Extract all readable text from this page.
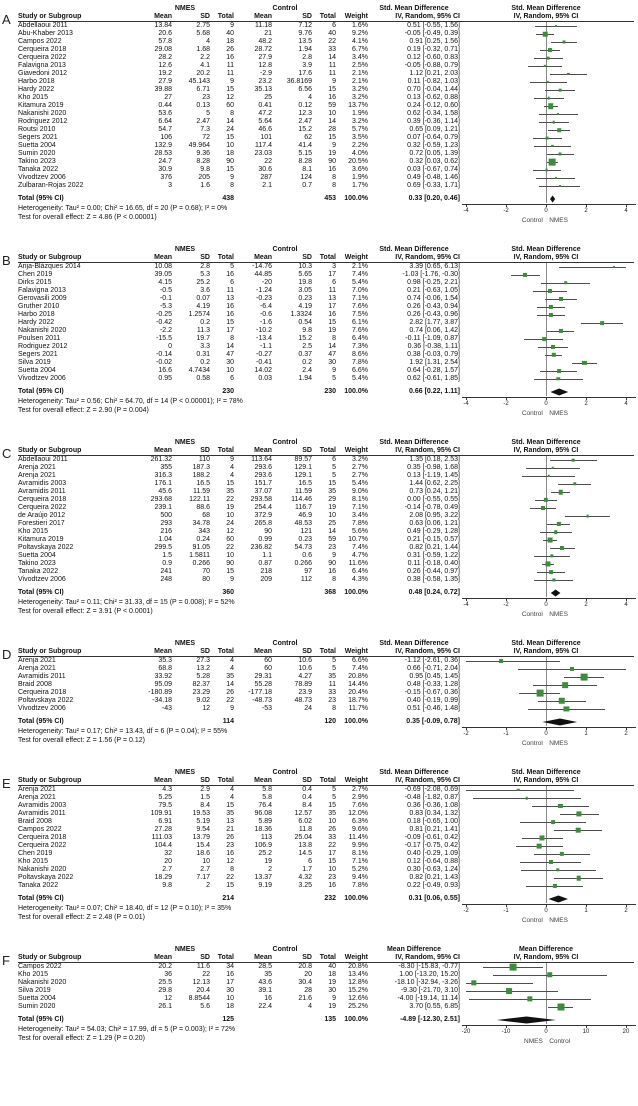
A
NMES	Control	Std. Mean Difference	Std. Mean Difference
Study or Subgroup	Mean	SD	Total	Mean	SD	Total	Weight	IV, Random, 95% CI	IV, Random, 95% CI
Abdellaoui 2011	13.84	2.75	9	11.18	7.12	6	1.6%	0.51 [-0.55, 1.56]
Abu-Khaber 2013	20.6	5.68	40	21	9.76	40	9.2%	-0.05 [-0.49, 0.39]
Campos 2022	57.8	4	18	48.2	13.5	22	4.1%	0.91 [0.25, 1.56]
Cerqueira 2018	29.08	1.68	26	28.72	1.94	33	6.7%	0.19 [-0.32, 0.71]
Cerqueira 2022	28.2	2.2	16	27.9	2.8	14	3.4%	0.12 [-0.60, 0.83]
Falavigna 2013	12.6	4.1	11	12.8	3.9	11	2.5%	-0.05 [-0.88, 0.79]
Giavedoni 2012	19.2	20.2	11	-2.9	17.6	11	2.1%	1.12 [0.21, 2.03]
Harbo 2018	27.9	45.143	9	23.2	36.8169	9	2.1%	0.11 [-0.82, 1.03]
Hardy 2022	39.88	6.71	15	35.13	6.56	15	3.2%	0.70 [-0.04, 1.44]
Kho 2015	27	23	12	25	4	16	3.2%	0.13 [-0.62, 0.88]
Kitamura 2019	0.44	0.13	60	0.41	0.12	59	13.7%	0.24 [-0.12, 0.60]
Nakanishi 2020	53.6	5	8	47.2	12.3	10	1.9%	0.62 [-0.34, 1.58]
Rodriguez 2012	6.64	2.47	14	5.64	2.47	14	3.2%	0.39 [-0.36, 1.14]
Routsi 2010	54.7	7.3	24	46.6	15.2	28	5.7%	0.65 [0.09, 1.21]
Segers 2021	106	72	15	101	62	15	3.5%	0.07 [-0.64, 0.79]
Suetta 2004	132.9	49.964	10	117.4	41.4	9	2.2%	0.32 [-0.59, 1.23]
Sumin 2020	28.53	9.36	18	23.03	5.15	19	4.0%	0.72 [0.05, 1.39]
Takino 2023	24.7	8.28	90	22	8.28	90	20.5%	0.32 [0.03, 0.62]
Tanaka 2022	30.9	9.8	15	30.6	8.1	16	3.6%	0.03 [-0.67, 0.74]
Vivodtzev 2006	376	205	9	287	124	8	1.9%	0.49 [-0.48, 1.46]
Zulbaran-Rojas 2022	3	1.6	8	2.1	0.7	8	1.7%	0.69 [-0.33, 1.71]
Total (95% CI)	438	453	100.0%	0.33 [0.20, 0.46]
Heterogeneity: Tau² = 0.00; Chi² = 16.65, df = 20 (P = 0.68); I² = 0%
Test for overall effect: Z = 4.86 (P < 0.00001)
-4	-2	0	2	4
Control NMES
B
NMES	Control	Std. Mean Difference	Std. Mean Difference
Study or Subgroup	Mean	SD	Total	Mean	SD	Total	Weight	IV, Random, 95% CI	IV, Random, 95% CI
Arija-Blázques 2014	10.08	2.8	5	-14.76	10.3	3	2.1%	3.39 [0.65, 6.13]
Chen 2019	39.05	5.3	16	44.85	5.65	17	7.4%	-1.03 [-1.76, -0.30]
Dirks 2015	4.15	25.2	6	-20	19.8	6	5.4%	0.98 [-0.25, 2.21]
Falavigna 2013	-0.5	3.6	11	-1.24	3.05	11	7.0%	0.21 [-0.63, 1.05]
Gerovasili 2009	-0.1	0.07	13	-0.23	0.23	13	7.1%	0.74 [-0.06, 1.54]
Gruther 2010	-5.3	4.19	16	-6.4	4.19	17	7.6%	0.26 [-0.43, 0.94]
Harbo 2018	-0.25	1.2574	16	-0.6	1.3324	16	7.5%	0.26 [-0.43, 0.96]
Hardy 2022	-0.42	0.2	15	-1.6	0.54	15	6.1%	2.82 [1.77, 3.87]
Nakanishi 2020	-2.2	11.3	17	-10.2	9.8	19	7.6%	0.74 [0.06, 1.42]
Poulsen 2011	-15.5	19.7	8	-13.4	15.2	8	6.4%	-0.11 [-1.09, 0.87]
Rodriguez 2012	0	3.3	14	-1.1	2.5	14	7.3%	0.36 [-0.38, 1.11]
Segers 2021	-0.14	0.31	47	-0.27	0.37	47	8.6%	0.38 [-0.03, 0.79]
Silva 2019	-0.02	0.2	30	-0.41	0.2	30	7.8%	1.92 [1.31, 2.54]
Suetta 2004	16.6	4.7434	10	14.02	2.4	9	6.6%	0.64 [-0.28, 1.57]
Vivodtzev 2006	0.95	0.58	6	0.03	1.94	5	5.4%	0.62 [-0.61, 1.85]
Total (95% CI)	230	230	100.0%	0.66 [0.22, 1.11]
Heterogeneity: Tau² = 0.56; Chi² = 64.70, df = 14 (P < 0.00001); I² = 78%
Test for overall effect: Z = 2.90 (P = 0.004)
-4	-2	0	2	4
Control NMES
C
NMES	Control	Std. Mean Difference	Std. Mean Difference
Study or Subgroup	Mean	SD	Total	Mean	SD	Total	Weight	IV, Random, 95% CI	IV, Random, 95% CI
Abdellaoui 2011	261.32	110	9	113.64	89.57	6	3.2%	1.35 [0.18, 2.53]
Arenja 2021	355	187.3	4	293.6	129.1	5	2.7%	0.35 [-0.98, 1.68]
Arenja 2021	316.3	188.2	4	293.6	129.1	5	2.7%	0.13 [-1.19, 1.45]
Avramidis 2003	176.1	16.5	15	151.7	16.5	15	5.4%	1.44 [0.62, 2.25]
Avramidis 2011	45.6	11.59	35	37.07	11.59	35	9.0%	0.73 [0.24, 1.21]
Cerqueira 2018	293.68	122.11	22	293.58	114.46	29	8.1%	0.00 [-0.55, 0.55]
Cerqueira 2022	239.1	88.6	19	254.4	116.7	19	7.1%	-0.14 [-0.78, 0.49]
de Araújo 2012	500	68	10	372.9	46.9	10	3.4%	2.08 [0.95, 3.22]
Forestieri 2017	293	34.78	24	265.8	48.53	25	7.8%	0.63 [0.06, 1.21]
Kho 2015	216	343	12	90	121	14	5.6%	0.49 [-0.29, 1.28]
Kitamura 2019	1.04	0.24	60	0.99	0.23	59	10.7%	0.21 [-0.15, 0.57]
Poltavskaya 2022	299.5	91.05	22	236.82	54.73	23	7.4%	0.82 [0.21, 1.44]
Suetta 2004	1.5	1.5811	10	1.1	0.6	9	4.7%	0.31 [-0.59, 1.22]
Takino 2023	0.9	0.266	90	0.87	0.266	90	11.6%	0.11 [-0.18, 0.40]
Tanaka 2022	241	70	15	218	97	16	6.4%	0.26 [-0.44, 0.97]
Vivodtzev 2006	248	80	9	209	112	8	4.3%	0.38 [-0.58, 1.35]
Total (95% CI)	360	368	100.0%	0.48 [0.24, 0.72]
Heterogeneity: Tau² = 0.11; Chi² = 31.33, df = 15 (P = 0.008); I² = 52%
Test for overall effect: Z = 3.91 (P < 0.0001)
-4	-2	0	2	4
Control NMES
D
NMES	Control	Std. Mean Difference	Std. Mean Difference
Study or Subgroup	Mean	SD	Total	Mean	SD	Total	Weight	IV, Random, 95% CI	IV, Random, 95% CI
Arenja 2021	35.3	27.3	4	60	10.6	5	6.6%	-1.12 [-2.61, 0.36]
Arenja 2021	68.8	13.2	4	60	10.6	5	7.4%	0.66 [-0.71, 2.04]
Avramidis 2011	33.92	5.28	35	29.31	4.27	35	20.8%	0.95 [0.45, 1.45]
Braid 2008	95.09	82.37	14	55.28	78.89	11	14.4%	0.48 [-0.33, 1.28]
Cerqueira 2018	-180.89	23.29	26	-177.18	23.9	33	20.4%	-0.15 [-0.67, 0.36]
Poltavskaya 2022	-34.18	9.02	22	-48.73	48.73	23	18.7%	0.40 [-0.19, 0.99]
Vivodtzev 2006	-43	12	9	-53	24	8	11.7%	0.51 [-0.46, 1.48]
Total (95% CI)	114	120	100.0%	0.35 [-0.09, 0.78]
Heterogeneity: Tau² = 0.17; Chi² = 13.43, df = 6 (P = 0.04); I² = 55%
Test for overall effect: Z = 1.56 (P = 0.12)
-2	-1	0	1	2
Control NMES
E
NMES	Control	Std. Mean Difference	Std. Mean Difference
Study or Subgroup	Mean	SD	Total	Mean	SD	Total	Weight	IV, Random, 95% CI	IV, Random, 95% CI
Arenja 2021	4.3	2.9	4	5.8	0.4	5	2.7%	-0.69 [-2.08, 0.69]
Arenja 2021	5.25	1.5	4	5.8	0.4	5	2.9%	-0.48 [-1.82, 0.87]
Avramidis 2003	79.5	8.4	15	76.4	8.4	15	7.6%	0.36 [-0.36, 1.08]
Avramidis 2011	109.91	19.53	35	96.08	12.57	35	12.0%	0.83 [0.34, 1.32]
Braid 2008	6.91	5.19	13	5.89	6.02	10	6.3%	0.18 [-0.65, 1.00]
Campos 2022	27.28	9.54	21	18.36	11.8	26	9.6%	0.81 [0.21, 1.41]
Cerqueira 2018	111.03	13.79	26	113	25.04	33	11.4%	-0.09 [-0.61, 0.42]
Cerqueira 2022	104.4	15.4	23	106.9	13.8	22	9.9%	-0.17 [-0.75, 0.42]
Chen 2019	32	18.6	16	25.2	14.5	17	8.1%	0.40 [-0.29, 1.09]
Kho 2015	20	10	12	19	6	15	7.1%	0.12 [-0.64, 0.88]
Nakanishi 2020	2.7	2.7	8	2	1.7	10	5.2%	0.30 [-0.63, 1.24]
Poltavskaya 2022	18.29	7.17	22	13.37	4.32	23	9.4%	0.82 [0.21, 1.43]
Tanaka 2022	9.8	2	15	9.19	3.25	16	7.8%	0.22 [-0.49, 0.93]
Total (95% CI)	214	232	100.0%	0.31 [0.06, 0.55]
Heterogeneity: Tau² = 0.07; Chi² = 18.40, df = 12 (P = 0.10); I² = 35%
Test for overall effect: Z = 2.48 (P = 0.01)
-2	-1	0	1	2
Control NMES
F
NMES	Control	Mean Difference	Mean Difference
Study or Subgroup	Mean	SD	Total	Mean	SD	Total	Weight	IV, Random, 95% CI	IV, Random, 95% CI
Campos 2022	20.2	11.6	34	28.5	20.8	40	20.8%	-8.30 [-15.83, -0.77]
Kho 2015	36	22	16	35	20	18	13.4%	1.00 [-13.20, 15.20]
Nakanishi 2020	25.5	12.13	17	43.6	30.4	19	12.8%	-18.10 [-32.94, -3.26]
Silva 2019	29.8	20.4	30	39.1	28	30	15.2%	-9.30 [-21.70, 3.10]
Suetta 2004	12	8.8544	10	16	21.6	9	12.6%	-4.00 [-19.14, 11.14]
Sumin 2020	26.1	5.6	18	22.4	4	19	25.2%	3.70 [0.55, 6.85]
Total (95% CI)	125	135	100.0%	-4.89 [-12.30, 2.51]
Heterogeneity: Tau² = 54.03; Chi² = 17.99, df = 5 (P = 0.003); I² = 72%
Test for overall effect: Z = 1.29 (P = 0.20)
-20	-10	0	10	20
NMES Control
